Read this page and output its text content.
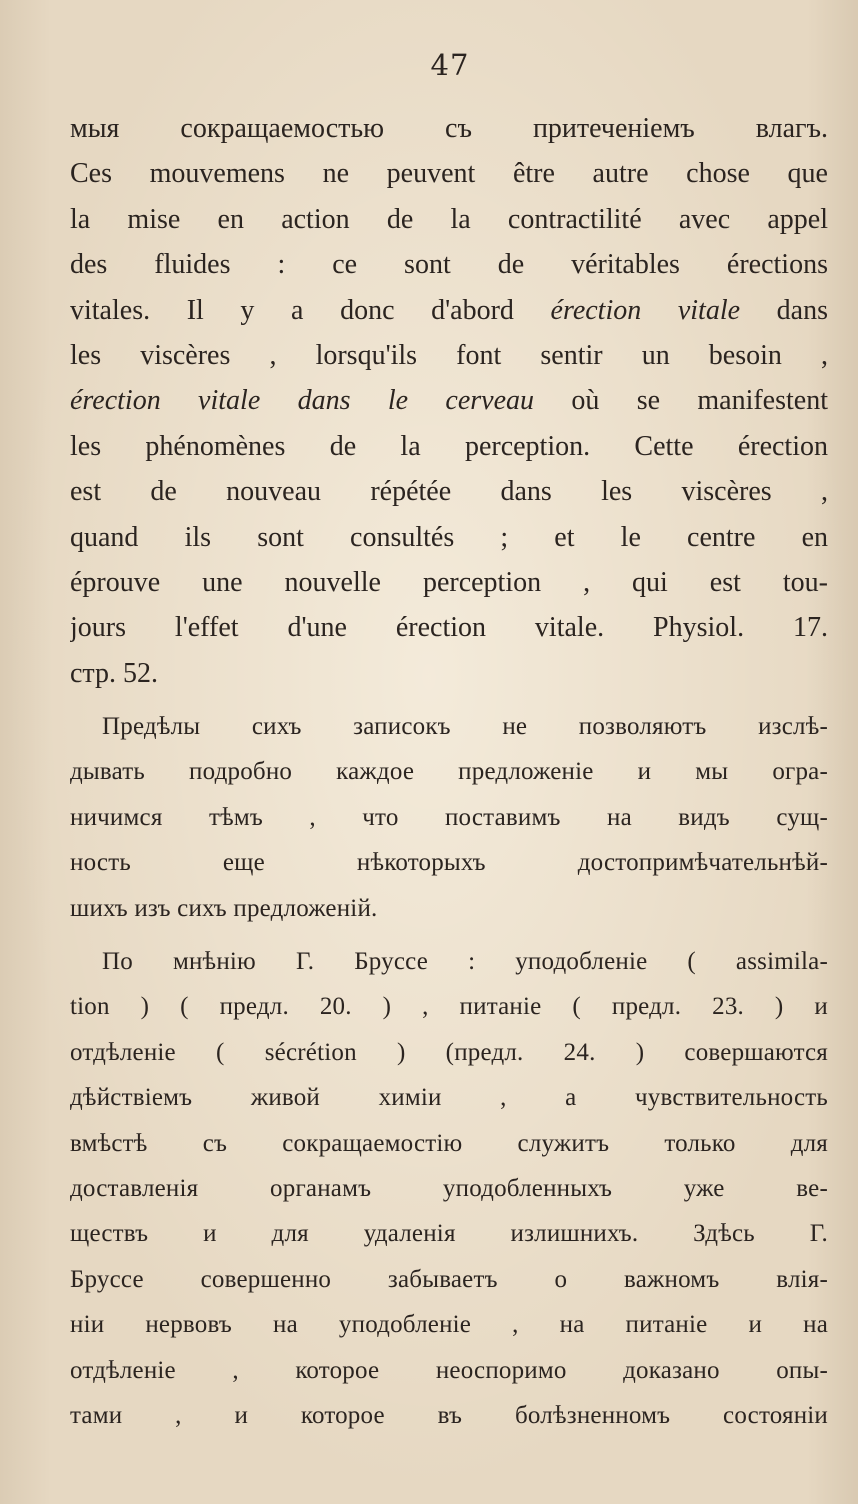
47
мыя сокращаемостью съ притеченіемъ влагъ.
Ces mouvemens ne peuvent être autre chose que
la mise en action de la contractilité avec appel
des fluides : ce sont de véritables érections
vitales. Il y a donc d'abord érection vitale dans
les viscères , lorsqu'ils font sentir un besoin ,
érection vitale dans le cerveau où se manifestent
les phénomènes de la perception. Cette érection
est de nouveau répétée dans les viscères ,
quand ils sont consultés ; et le centre en
éprouve une nouvelle perception , qui est tou-
jours l'effet d'une érection vitale. Physiol. 17.
стр. 52.
Предѣлы сихъ записокъ не позволяютъ изслѣ-
дывать подробно каждое предложеніе и мы огра-
ничимся тѣмъ , что поставимъ на видъ сущ-
ность еще нѣкоторыхъ достопримѣчательнѣй-
шихъ изъ сихъ предложеній.
По мнѣнію Г. Бруссе : уподобленіе ( assimila-
tion ) ( предл. 20. ) , питаніе ( предл. 23. ) и
отдѣленіе ( sécrétion ) (предл. 24. ) совершаются
дѣйствіемъ живой химіи , а чувствительность
вмѣстѣ съ сокращаемостію служитъ только для
доставленія органамъ уподобленныхъ уже ве-
ществъ и для удаленія излишнихъ. Здѣсь Г.
Бруссе совершенно забываетъ о важномъ влія-
ніи нервовъ на уподобленіе , на питаніе и на
отдѣленіе , которое неоспоримо доказано опы-
тами , и которое въ болѣзненномъ состояніи
